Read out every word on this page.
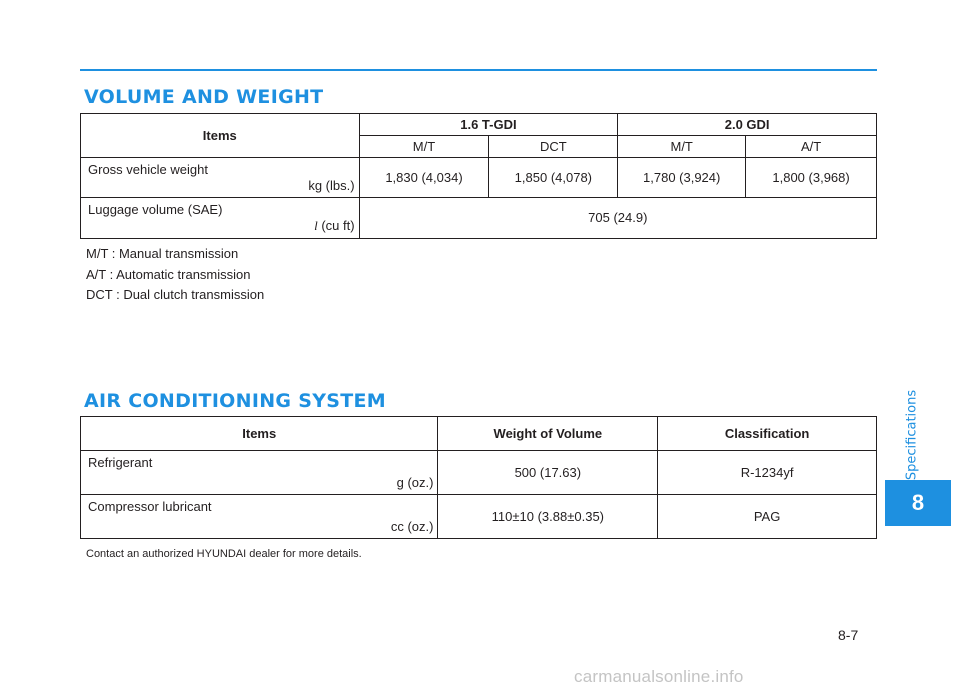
VOLUME AND WEIGHT
Items	1.6 T-GDI		2.0 GDI	
	M/T	DCT	M/T	A/T

Gross vehicle weight
kg (lbs.)	1,830 (4,034)	1,850 (4,078)	1,780 (3,924)	1,800 (3,968)

Luggage volume (SAE)
l (cu ft)	705 (24.9)			
M/T : Manual transmission
A/T : Automatic transmission
DCT : Dual clutch transmission
AIR CONDITIONING SYSTEM
Items	Weight of Volume	Classification

Refrigerant
g (oz.)	500 (17.63)	R-1234yf

Compressor lubricant
cc (oz.)	110±10 (3.88±0.35)	PAG
Contact an authorized HYUNDAI dealer for more details.
Specifications
8
8-7
carmanualsonline.info
